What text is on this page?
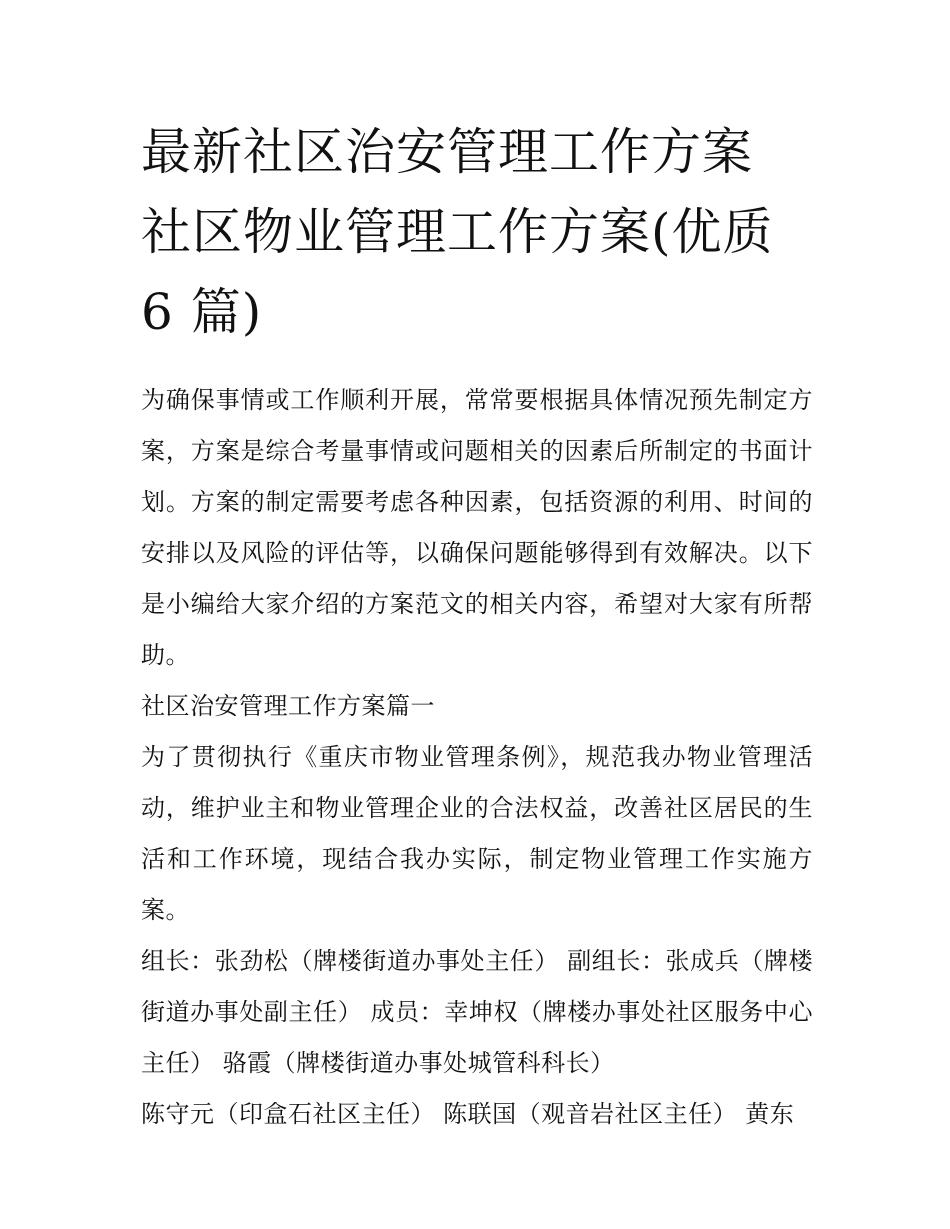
最新社区治安管理工作方案 社区物业管理工作方案(优质 6 篇)

为确保事情或工作顺利开展，常常要根据具体情况预先制定方案，方案是综合考量事情或问题相关的因素后所制定的书面计划。方案的制定需要考虑各种因素，包括资源的利用、时间的安排以及风险的评估等，以确保问题能够得到有效解决。以下是小编给大家介绍的方案范文的相关内容，希望对大家有所帮助。

社区治安管理工作方案篇一

为了贯彻执行《重庆市物业管理条例》，规范我办物业管理活动，维护业主和物业管理企业的合法权益，改善社区居民的生活和工作环境，现结合我办实际，制定物业管理工作实施方案。

组长：张劲松（牌楼街道办事处主任） 副组长：张成兵（牌楼街道办事处副主任） 成员：幸坤权（牌楼办事处社区服务中心主任） 骆霞（牌楼街道办事处城管科科长）

陈守元（印盒石社区主任） 陈联国（观音岩社区主任） 黄东
